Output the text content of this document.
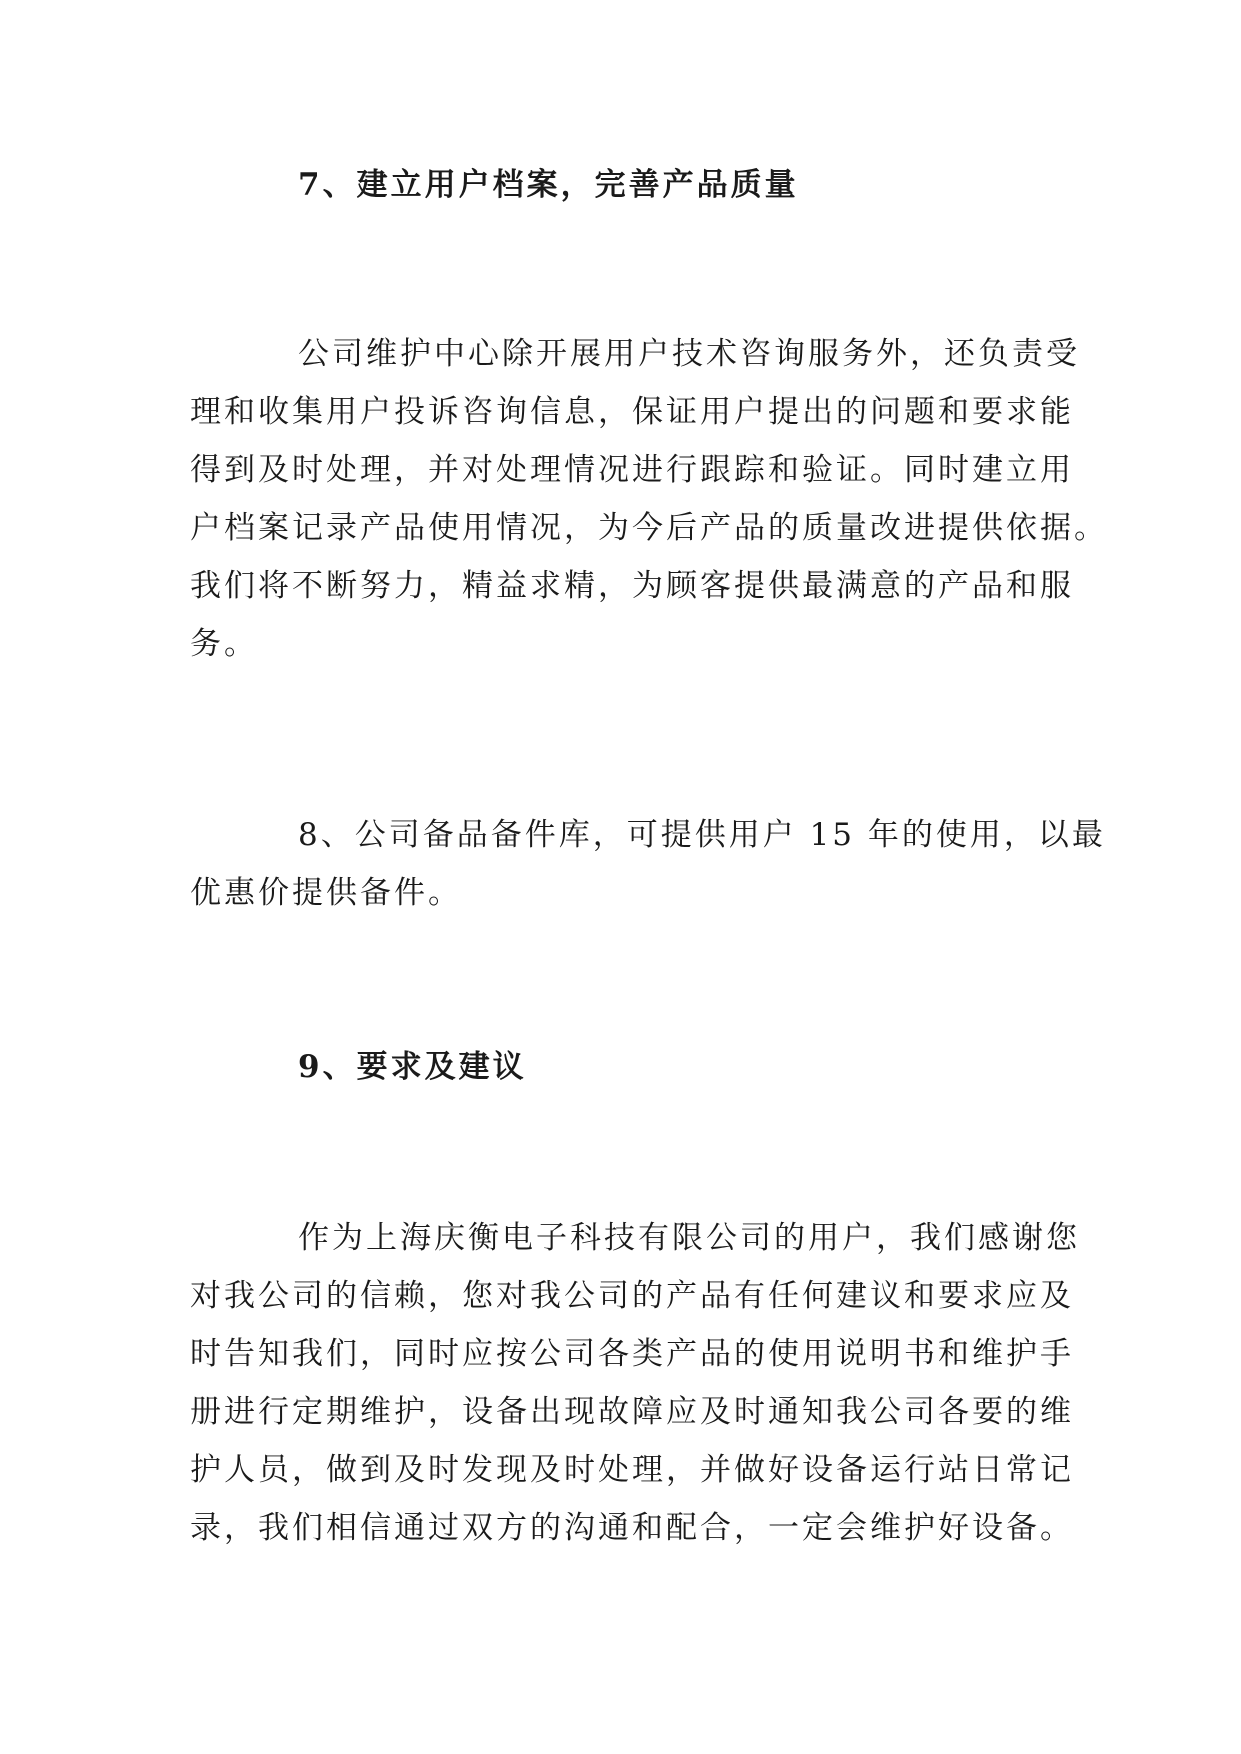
7、建立用户档案，完善产品质量
公司维护中心除开展用户技术咨询服务外，还负责受
理和收集用户投诉咨询信息，保证用户提出的问题和要求能
得到及时处理，并对处理情况进行跟踪和验证。同时建立用
户档案记录产品使用情况，为今后产品的质量改进提供依据。
我们将不断努力，精益求精，为顾客提供最满意的产品和服
务。
8、公司备品备件库，可提供用户 15 年的使用，以最
优惠价提供备件。
9、要求及建议
作为上海庆衡电子科技有限公司的用户，我们感谢您
对我公司的信赖，您对我公司的产品有任何建议和要求应及
时告知我们，同时应按公司各类产品的使用说明书和维护手
册进行定期维护，设备出现故障应及时通知我公司各要的维
护人员，做到及时发现及时处理，并做好设备运行站日常记
录，我们相信通过双方的沟通和配合，一定会维护好设备。
